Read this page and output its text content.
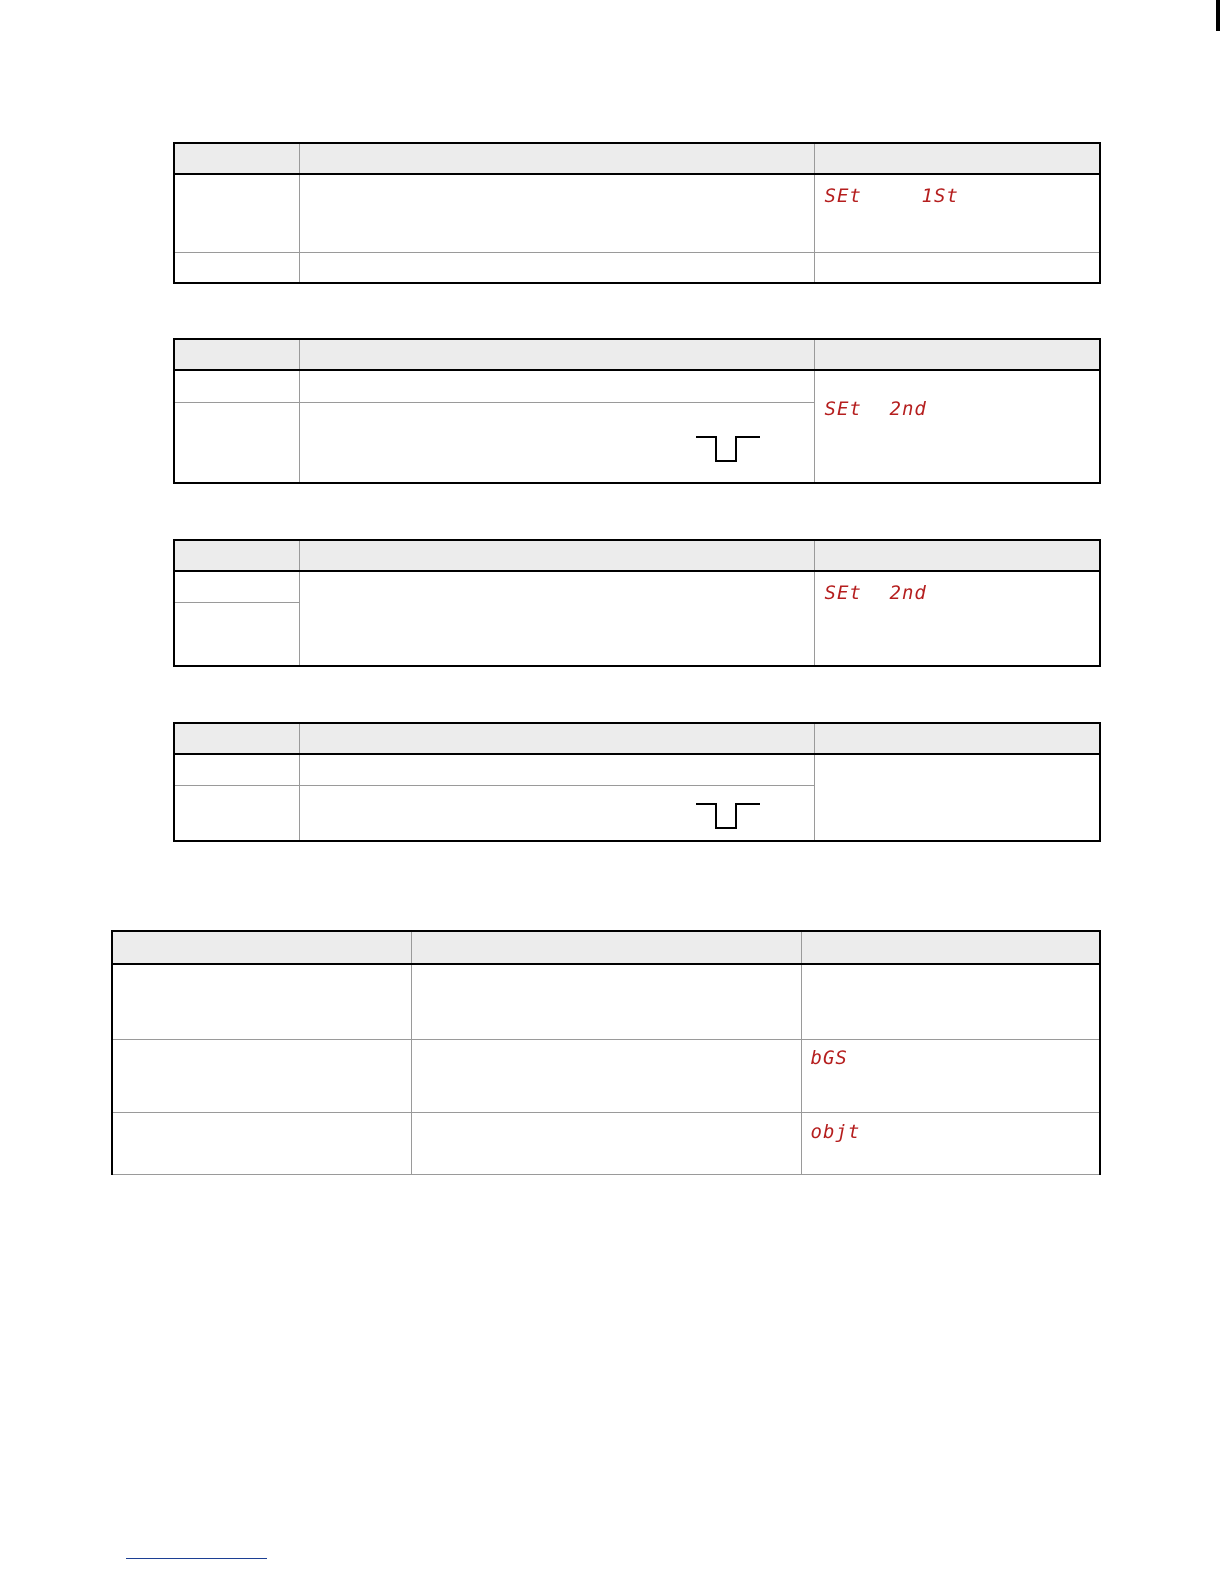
		SEt 1St

		SEt 2nd

		SEt 2nd

		bGS

		objt
